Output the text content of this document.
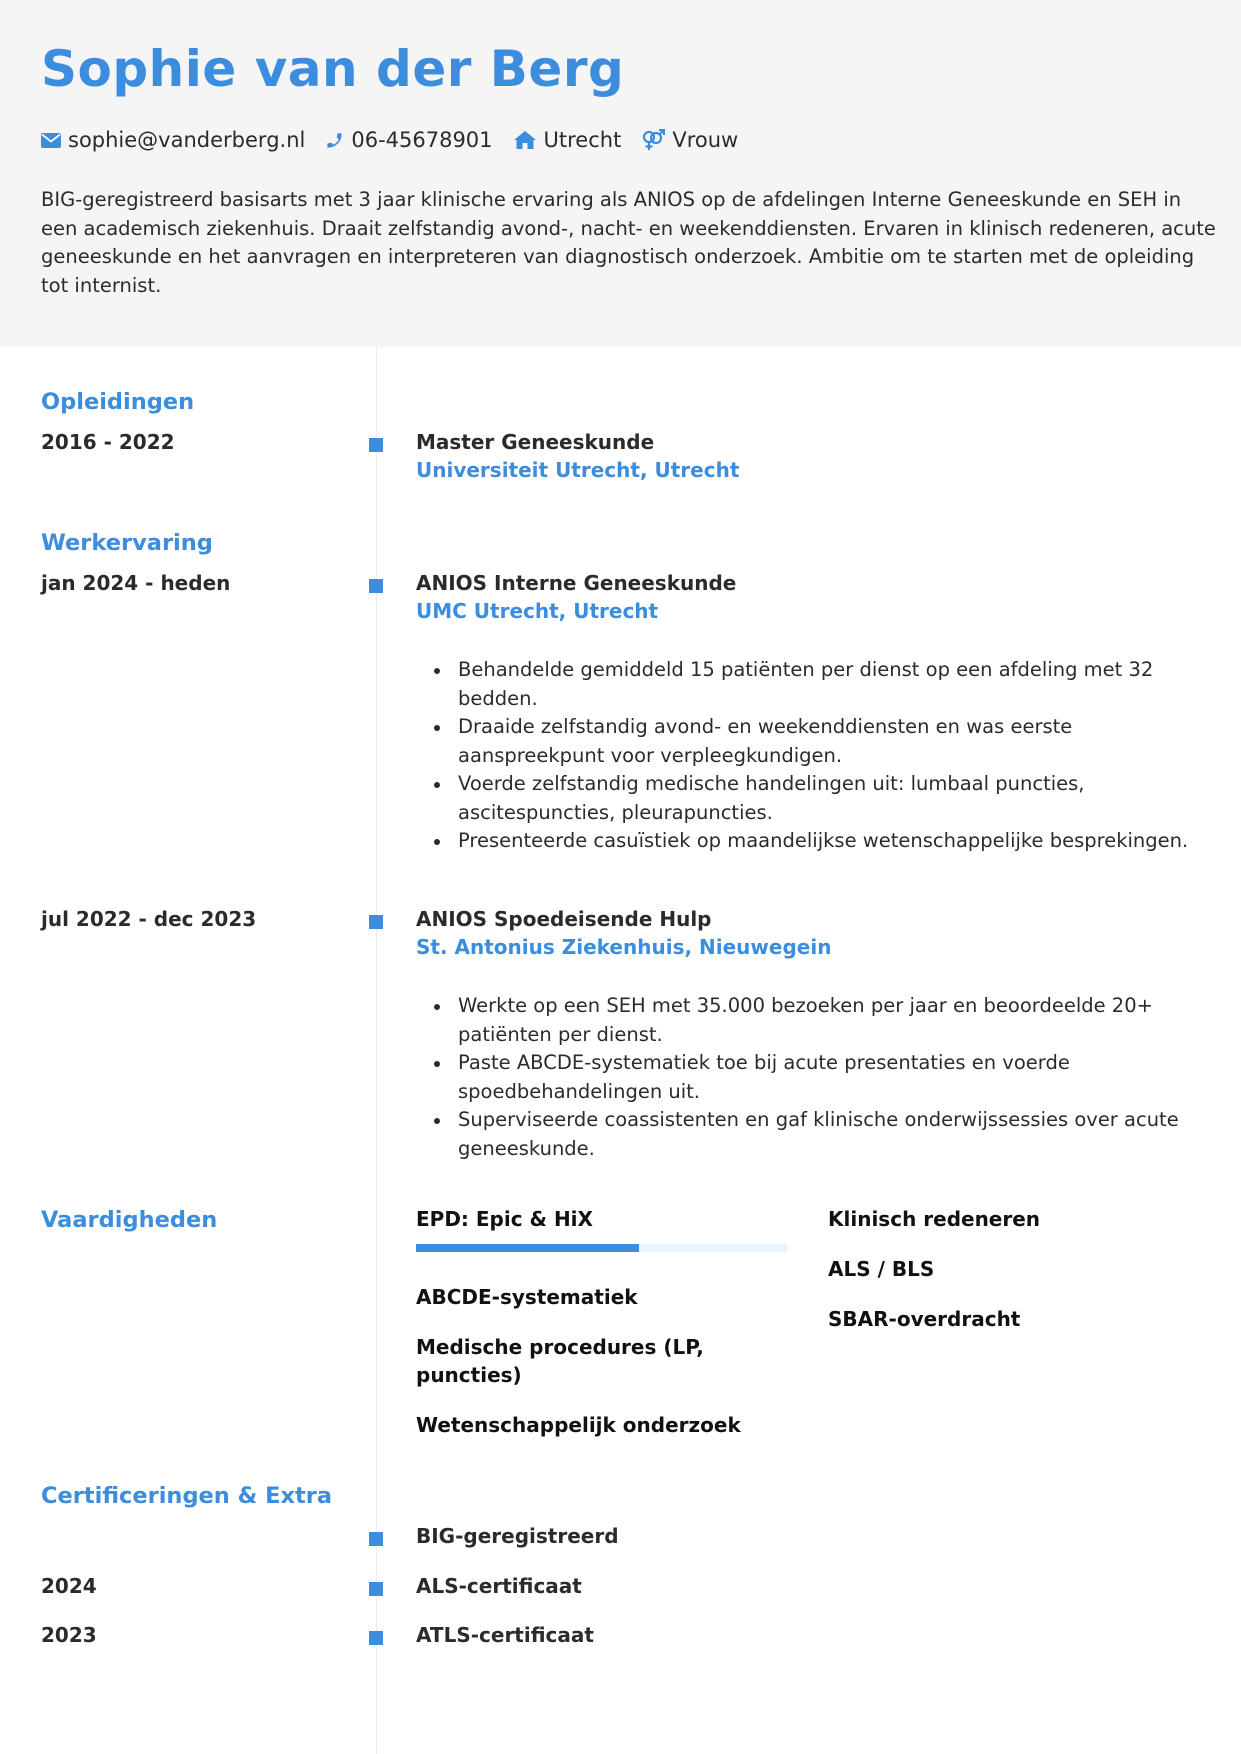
Sophie van der Berg
sophie@vanderberg.nl 06-45678901 Utrecht Vrouw
BIG-geregistreerd basisarts met 3 jaar klinische ervaring als ANIOS op de afdelingen Interne Geneeskunde en SEH in een academisch ziekenhuis. Draait zelfstandig avond-, nacht- en weekenddiensten. Ervaren in klinisch redeneren, acute geneeskunde en het aanvragen en interpreteren van diagnostisch onderzoek. Ambitie om te starten met de opleiding tot internist.
Opleidingen
2016 - 2022	Master Geneeskunde
Universiteit Utrecht, Utrecht
Werkervaring
jan 2024 - heden	ANIOS Interne Geneeskunde
UMC Utrecht, Utrecht
Behandelde gemiddeld 15 patiënten per dienst op een afdeling met 32 bedden.
Draaide zelfstandig avond- en weekenddiensten en was eerste aanspreekpunt voor verpleegkundigen.
Voerde zelfstandig medische handelingen uit: lumbaal puncties, ascitespuncties, pleurapuncties.
Presenteerde casuïstiek op maandelijkse wetenschappelijke besprekingen.
jul 2022 - dec 2023	ANIOS Spoedeisende Hulp
St. Antonius Ziekenhuis, Nieuwegein
Werkte op een SEH met 35.000 bezoeken per jaar en beoordeelde 20+ patiënten per dienst.
Paste ABCDE-systematiek toe bij acute presentaties en voerde spoedbehandelingen uit.
Superviseerde coassistenten en gaf klinische onderwijssessies over acute geneeskunde.
Vaardigheden	EPD: Epic & HiX
ABCDE-systematiek
Medische procedures (LP, puncties)
Wetenschappelijk onderzoek
Klinisch redeneren
ALS / BLS
SBAR-overdracht
Certificeringen & Extra
BIG-geregistreerd
2024	ALS-certificaat
2023	ATLS-certificaat
